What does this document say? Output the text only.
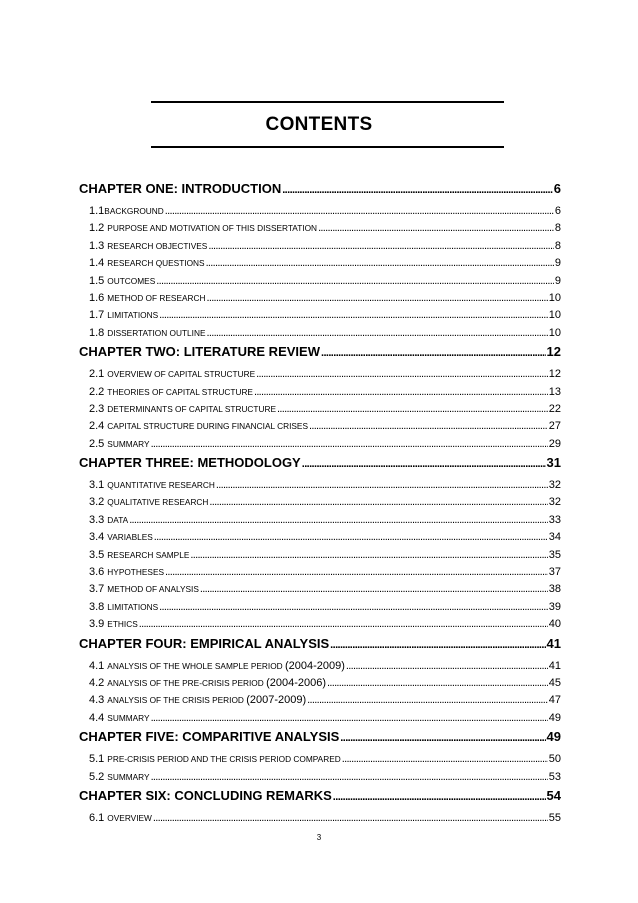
CONTENTS
CHAPTER ONE: INTRODUCTION .....	6
1.1 BACKGROUND .....	6
1.2 PURPOSE AND MOTIVATION OF THIS DISSERTATION .....	8
1.3 RESEARCH OBJECTIVES .....	8
1.4 RESEARCH QUESTIONS .....	9
1.5 OUTCOMES .....	9
1.6 METHOD OF RESEARCH .....	10
1.7 LIMITATIONS .....	10
1.8 DISSERTATION OUTLINE .....	10
CHAPTER TWO: LITERATURE REVIEW .....	12
2.1 OVERVIEW OF CAPITAL STRUCTURE .....	12
2.2 THEORIES OF CAPITAL STRUCTURE .....	13
2.3 DETERMINANTS OF CAPITAL STRUCTURE .....	22
2.4 CAPITAL STRUCTURE DURING FINANCIAL CRISES .....	27
2.5 SUMMARY .....	29
CHAPTER THREE: METHODOLOGY .....	31
3.1 QUANTITATIVE RESEARCH .....	32
3.2 QUALITATIVE RESEARCH .....	32
3.3 DATA .....	33
3.4 VARIABLES .....	34
3.5 RESEARCH SAMPLE .....	35
3.6 HYPOTHESES .....	37
3.7 METHOD OF ANALYSIS .....	38
3.8 LIMITATIONS .....	39
3.9 ETHICS .....	40
CHAPTER FOUR: EMPIRICAL ANALYSIS .....	41
4.1 ANALYSIS OF THE WHOLE SAMPLE PERIOD (2004-2009) .....	41
4.2 ANALYSIS OF THE PRE-CRISIS PERIOD (2004-2006) .....	45
4.3 ANALYSIS OF THE CRISIS PERIOD (2007-2009) .....	47
4.4 SUMMARY .....	49
CHAPTER FIVE: COMPARITIVE ANALYSIS .....	49
5.1 PRE-CRISIS PERIOD AND THE CRISIS PERIOD COMPARED .....	50
5.2 SUMMARY .....	53
CHAPTER SIX: CONCLUDING REMARKS .....	54
6.1 OVERVIEW .....	55
3
